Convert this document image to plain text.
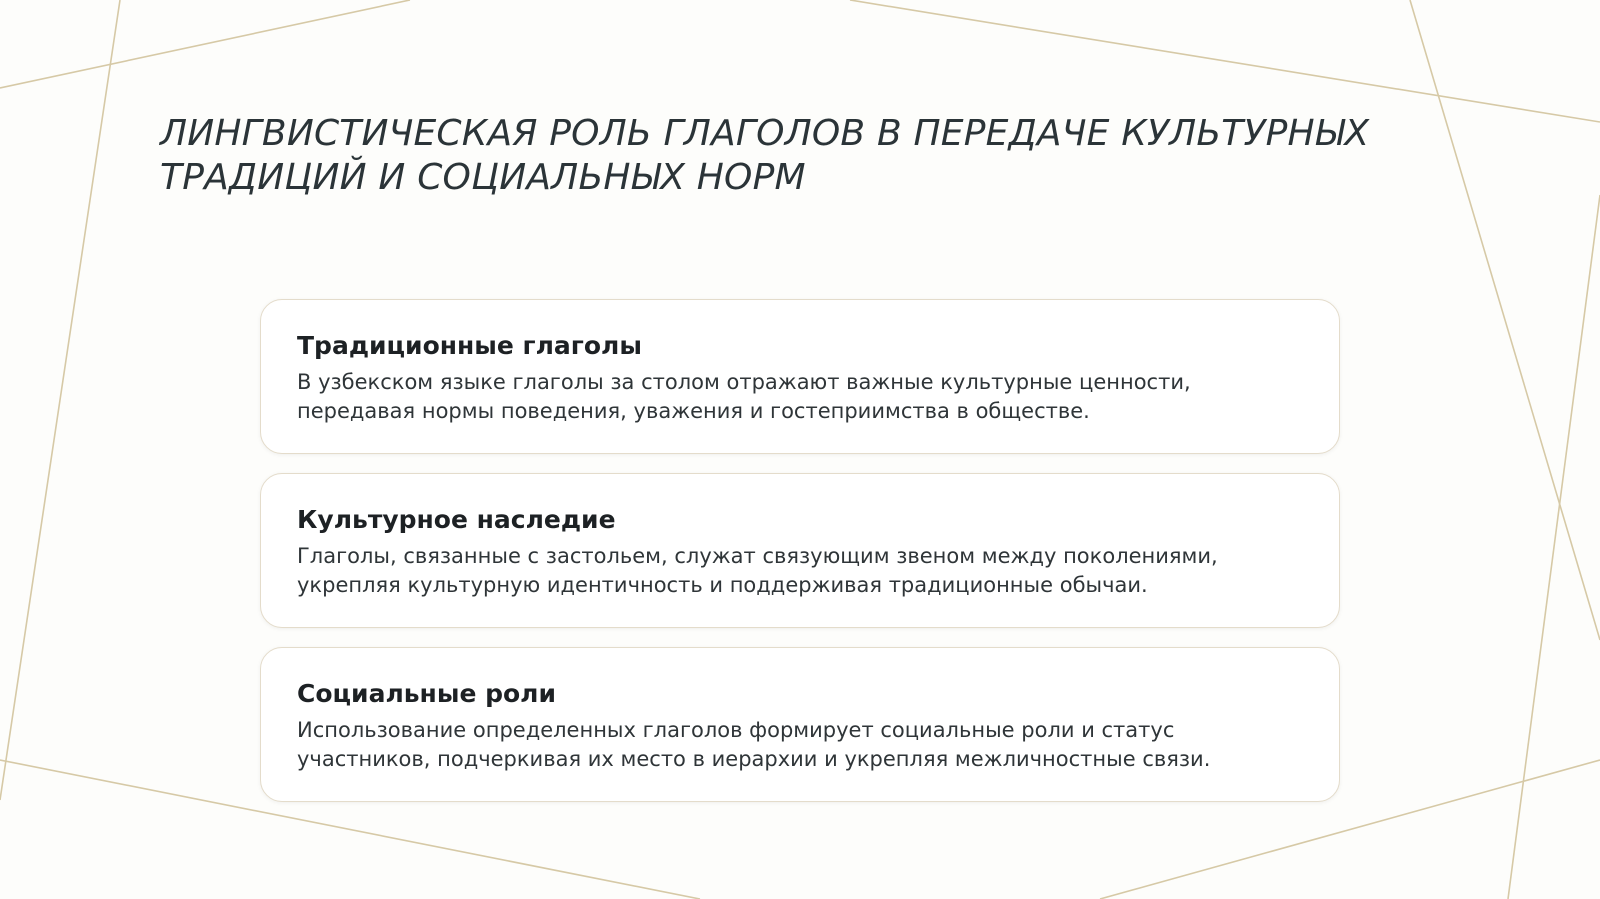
ЛИНГВИСТИЧЕСКАЯ РОЛЬ ГЛАГОЛОВ В ПЕРЕДАЧЕ КУЛЬТУРНЫХ
ТРАДИЦИЙ И СОЦИАЛЬНЫХ НОРМ
Традиционные глаголы

В узбекском языке глаголы за столом отражают важные культурные ценности,
передавая нормы поведения, уважения и гостеприимства в обществе.

Культурное наследие

Глаголы, связанные с застольем, служат связующим звеном между поколениями,
укрепляя культурную идентичность и поддерживая традиционные обычаи.

Социальные роли

Использование определенных глаголов формирует социальные роли и статус
участников, подчеркивая их место в иерархии и укрепляя межличностные связи.
